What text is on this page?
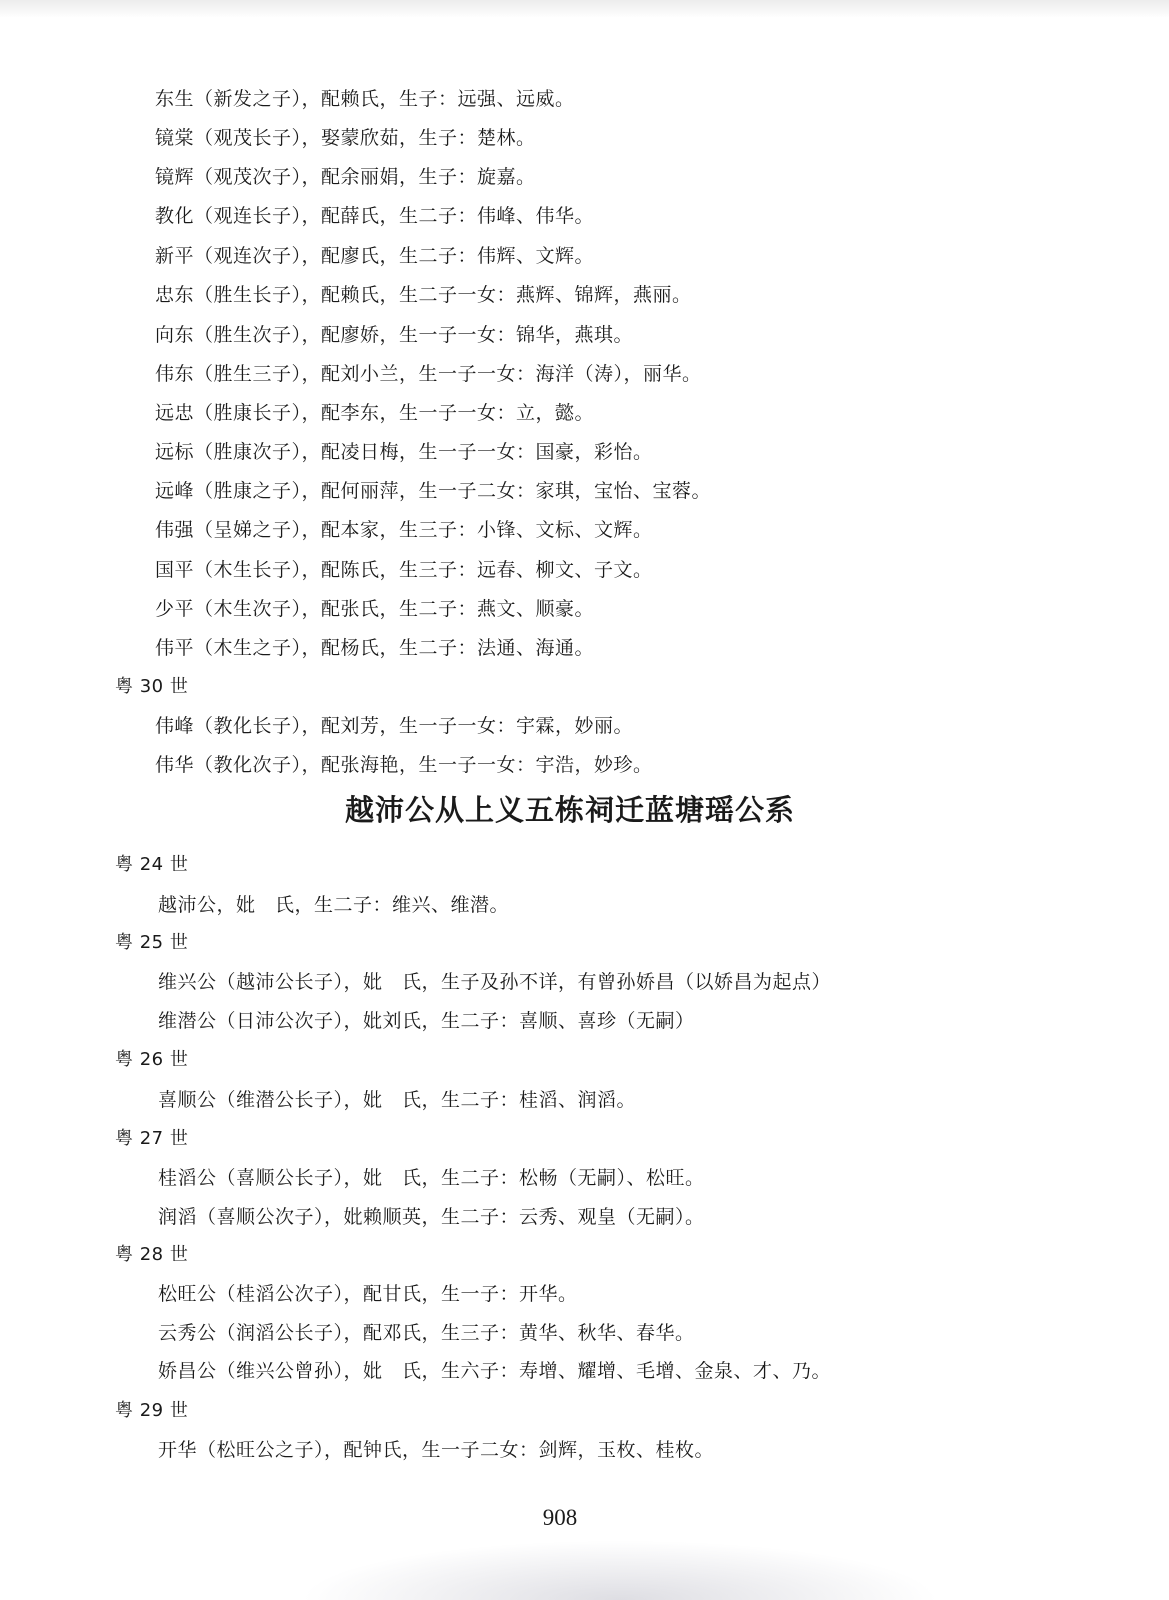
东生（新发之子），配赖氏，生子：远强、远威。
镜棠（观茂长子），娶蒙欣茹，生子：楚林。
镜辉（观茂次子），配余丽娟，生子：旋嘉。
教化（观连长子），配薛氏，生二子：伟峰、伟华。
新平（观连次子），配廖氏，生二子：伟辉、文辉。
忠东（胜生长子），配赖氏，生二子一女：燕辉、锦辉，燕丽。
向东（胜生次子），配廖娇，生一子一女：锦华，燕琪。
伟东（胜生三子），配刘小兰，生一子一女：海洋（涛），丽华。
远忠（胜康长子），配李东，生一子一女：立，懿。
远标（胜康次子），配凌日梅，生一子一女：国豪，彩怡。
远峰（胜康之子），配何丽萍，生一子二女：家琪，宝怡、宝蓉。
伟强（呈娣之子），配本家，生三子：小锋、文标、文辉。
国平（木生长子），配陈氏，生三子：远春、柳文、子文。
少平（木生次子），配张氏，生二子：燕文、顺豪。
伟平（木生之子），配杨氏，生二子：法通、海通。
粤 30 世
伟峰（教化长子），配刘芳，生一子一女：宇霖，妙丽。
伟华（教化次子），配张海艳，生一子一女：宇浩，妙珍。
越沛公从上义五栋祠迁蓝塘瑶公系
粤 24 世
越沛公，妣　氏，生二子：维兴、维潜。
粤 25 世
维兴公（越沛公长子），妣　氏，生子及孙不详，有曾孙娇昌（以娇昌为起点）
维潜公（日沛公次子），妣刘氏，生二子：喜顺、喜珍（无嗣）
粤 26 世
喜顺公（维潜公长子），妣　氏，生二子：桂滔、润滔。
粤 27 世
桂滔公（喜顺公长子），妣　氏，生二子：松畅（无嗣）、松旺。
润滔（喜顺公次子），妣赖顺英，生二子：云秀、观皇（无嗣）。
粤 28 世
松旺公（桂滔公次子），配甘氏，生一子：开华。
云秀公（润滔公长子），配邓氏，生三子：黄华、秋华、春华。
娇昌公（维兴公曾孙），妣　氏，生六子：寿增、耀增、毛增、金泉、才、乃。
粤 29 世
开华（松旺公之子），配钟氏，生一子二女：剑辉，玉枚、桂枚。
908
